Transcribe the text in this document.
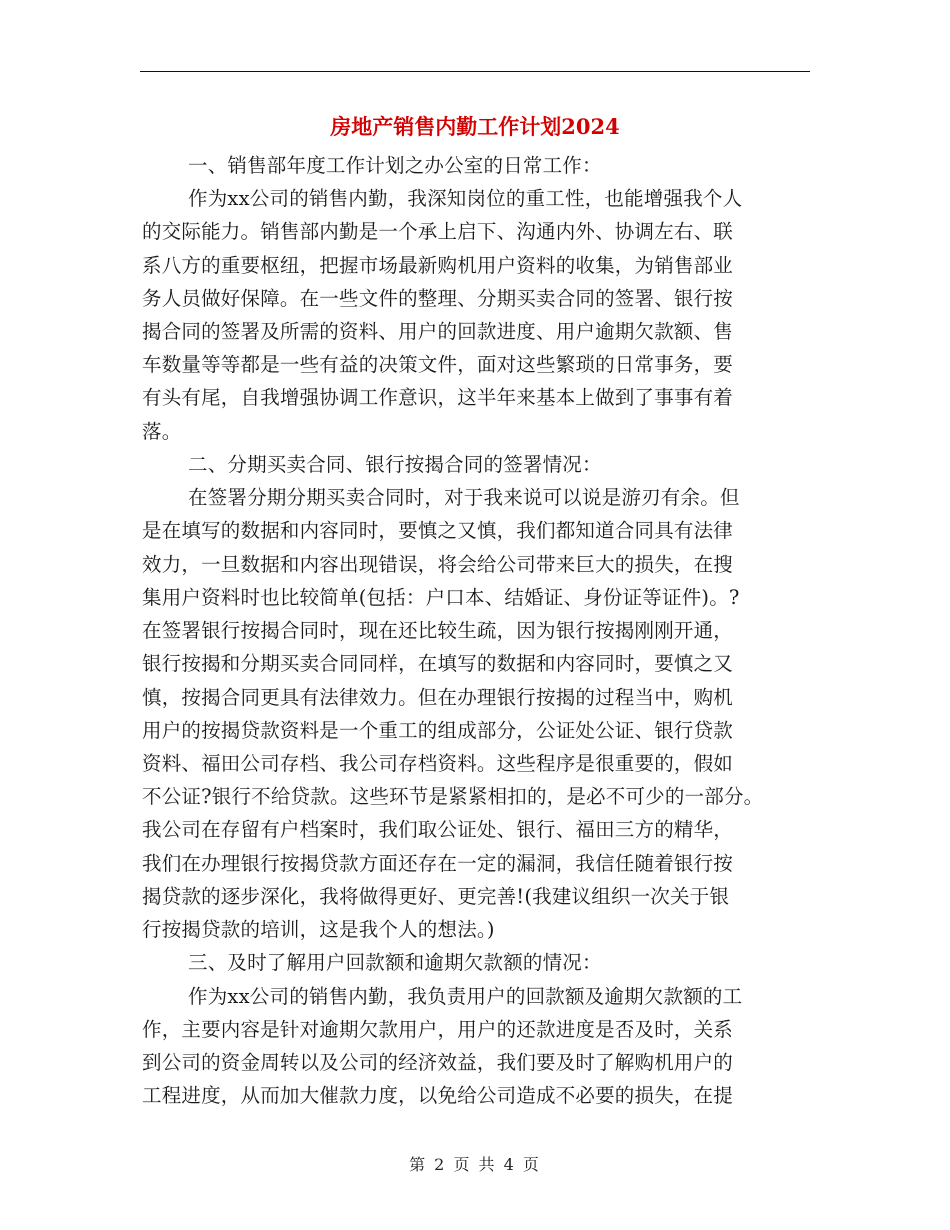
房地产销售内勤工作计划2024
一、销售部年度工作计划之办公室的日常工作：
作为xx公司的销售内勤，我深知岗位的重工性，也能增强我个人
的交际能力。销售部内勤是一个承上启下、沟通内外、协调左右、联
系八方的重要枢纽，把握市场最新购机用户资料的收集，为销售部业
务人员做好保障。在一些文件的整理、分期买卖合同的签署、银行按
揭合同的签署及所需的资料、用户的回款进度、用户逾期欠款额、售
车数量等等都是一些有益的决策文件，面对这些繁琐的日常事务，要
有头有尾，自我增强协调工作意识，这半年来基本上做到了事事有着
落。
二、分期买卖合同、银行按揭合同的签署情况：
在签署分期分期买卖合同时，对于我来说可以说是游刃有余。但
是在填写的数据和内容同时，要慎之又慎，我们都知道合同具有法律
效力，一旦数据和内容出现错误，将会给公司带来巨大的损失，在搜
集用户资料时也比较简单(包括：户口本、结婚证、身份证等证件)。?
在签署银行按揭合同时，现在还比较生疏，因为银行按揭刚刚开通，
银行按揭和分期买卖合同同样，在填写的数据和内容同时，要慎之又
慎，按揭合同更具有法律效力。但在办理银行按揭的过程当中，购机
用户的按揭贷款资料是一个重工的组成部分，公证处公证、银行贷款
资料、福田公司存档、我公司存档资料。这些程序是很重要的，假如
不公证?银行不给贷款。这些环节是紧紧相扣的，是必不可少的一部分。
我公司在存留有户档案时，我们取公证处、银行、福田三方的精华，
我们在办理银行按揭贷款方面还存在一定的漏洞，我信任随着银行按
揭贷款的逐步深化，我将做得更好、更完善!(我建议组织一次关于银
行按揭贷款的培训，这是我个人的想法。)
三、及时了解用户回款额和逾期欠款额的情况：
作为xx公司的销售内勤，我负责用户的回款额及逾期欠款额的工
作，主要内容是针对逾期欠款用户，用户的还款进度是否及时，关系
到公司的资金周转以及公司的经济效益，我们要及时了解购机用户的
工程进度，从而加大催款力度，以免给公司造成不必要的损失，在提
第 2 页 共 4 页
